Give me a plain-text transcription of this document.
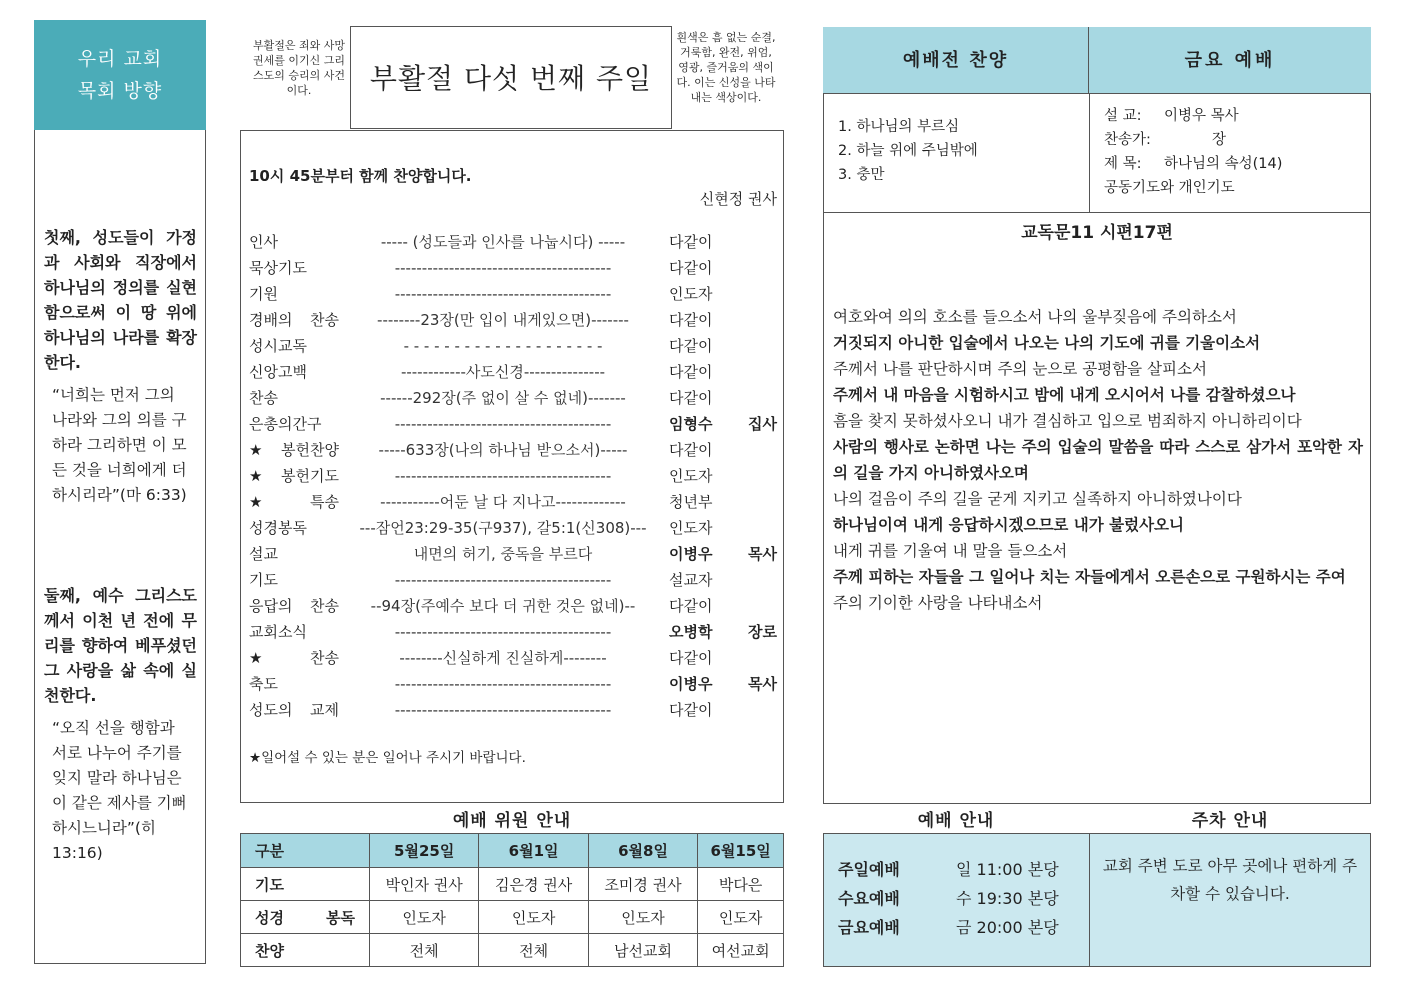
우리 교회
목회 방향
첫째, 성도들이 가정과 사회와 직장에서 하나님의 정의를 실현함으로써 이 땅 위에 하나님의 나라를 확장한다.
“너희는 먼저 그의 나라와 그의 의를 구하라 그리하면 이 모든 것을 너희에게 더하시리라”(마 6:33)
둘째, 예수 그리스도께서 이천 년 전에 무리를 향하여 베푸셨던 그 사랑을 삶 속에 실천한다.
“오직 선을 행함과 서로 나누어 주기를 잊지 말라 하나님은 이 같은 제사를 기뻐하시느니라”(히 13:16)
부활절은 죄와 사망 권세를 이기신 그리스도의 승리의 사건이다.	부활절 다섯 번째 주일
흰색은 흠 없는 순결, 거룩함, 완전, 위엄, 영광, 즐거움의 색이다. 이는 신성을 나타내는 색상이다.
10시 45분부터 함께 찬양합니다.
신현정 권사
인사	----- (성도들과 인사를 나눕시다) -----	다같이
묵상기도	----------------------------------------	다같이
기원	----------------------------------------	인도자
경배의 찬송	--------23장(만 입이 내게있으면)-------	다같이
성시교독	- - - - - - - - - - - - - - - - - - - -	다같이
신앙고백	------------사도신경---------------	다같이
찬송	------292장(주 없이 살 수 없네)-------	다같이
은총의간구	----------------------------------------	임형수 집사
★봉헌찬양	-----633장(나의 하나님 받으소서)-----	다같이
★봉헌기도	----------------------------------------	인도자
★특송	-----------어둔 날 다 지나고-------------	청년부
성경봉독	---잠언23:29-35(구937), 갈5:1(신308)---	인도자
설교	내면의 허기, 중독을 부르다	이병우 목사
기도	----------------------------------------	설교자
응답의 찬송	--94장(주예수 보다 더 귀한 것은 없네)--	다같이
교회소식	----------------------------------------	오병학 장로
★찬송	--------신실하게 진실하게--------	다같이
축도	----------------------------------------	이병우 목사
성도의 교제	----------------------------------------	다같이
★일어설 수 있는 분은 일어나 주시기 바랍니다.
예배 위원 안내
구분	5월25일	6월1일	6월8일	6월15일
기도	박인자 권사	김은경 권사	조미경 권사	박다은
성경 봉독	인도자	인도자	인도자	인도자
찬양	전체	전체	남선교회	여선교회
예배전 찬양	금요 예배
1. 하나님의 부르심
2. 하늘 위에 주님밖에
3. 충만
설 교: 이병우 목사
찬송가:	장
제 목: 하나님의 속성(14)
공동기도와 개인기도
교독문11 시편17편
여호와여 의의 호소를 들으소서 나의 울부짖음에 주의하소서
거짓되지 아니한 입술에서 나오는 나의 기도에 귀를 기울이소서
주께서 나를 판단하시며 주의 눈으로 공평함을 살피소서
주께서 내 마음을 시험하시고 밤에 내게 오시어서 나를 감찰하셨으나
흠을 찾지 못하셨사오니 내가 결심하고 입으로 범죄하지 아니하리이다
사람의 행사로 논하면 나는 주의 입술의 말씀을 따라 스스로 삼가서 포악한 자의 길을 가지 아니하였사오며
나의 걸음이 주의 길을 굳게 지키고 실족하지 아니하였나이다
하나님이여 내게 응답하시겠으므로 내가 불렀사오니
내게 귀를 기울여 내 말을 들으소서
주께 피하는 자들을 그 일어나 치는 자들에게서 오른손으로 구원하시는 주여
주의 기이한 사랑을 나타내소서
예배 안내	주차 안내
주일예배	일 11:00 본당
수요예배	수 19:30 본당
금요예배	금 20:00 본당
교회 주변 도로 아무 곳에나 편하게 주차할 수 있습니다.
